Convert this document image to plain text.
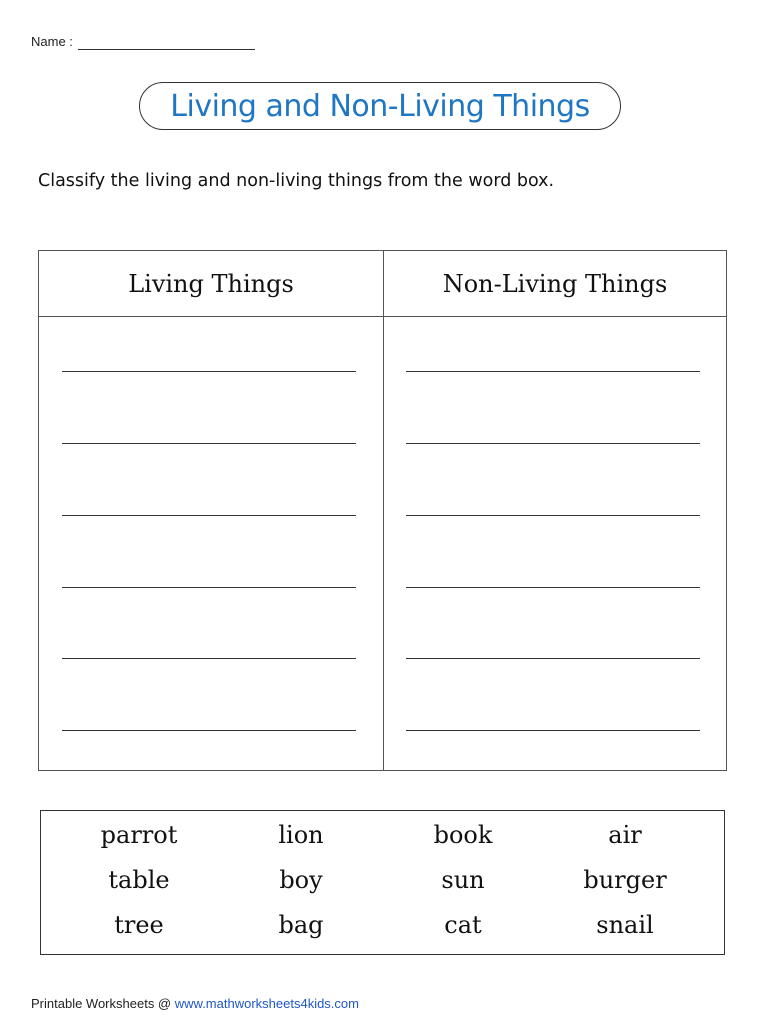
Name :
Living and Non-Living Things
Classify the living and non-living things from the word box.
Living Things	Non-Living Things
parrot	lion	book	air
table	boy	sun	burger
tree	bag	cat	snail
Printable Worksheets @ www.mathworksheets4kids.com
